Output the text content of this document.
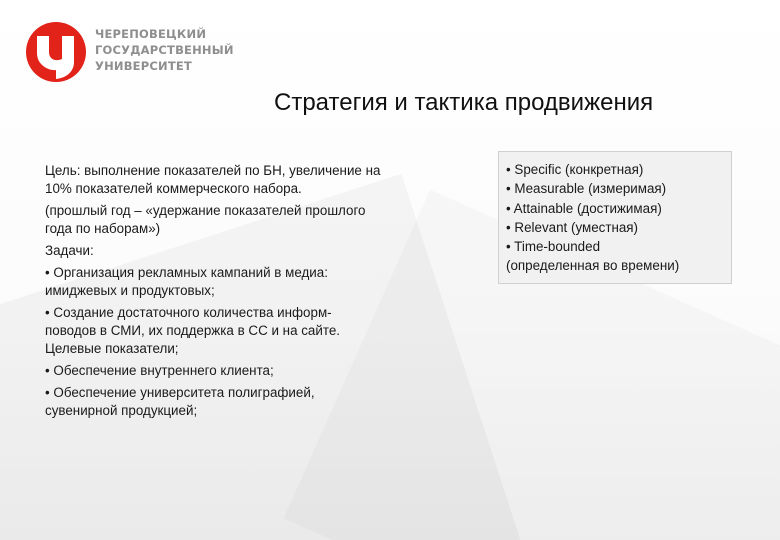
ЧЕРЕПОВЕЦКИЙ
ГОСУДАРСТВЕННЫЙ
УНИВЕРСИТЕТ
Стратегия и тактика продвижения
Цель: выполнение показателей по БН, увеличение на
10% показателей коммерческого набора.
(прошлый год – «удержание показателей прошлого
года по наборам»)
Задачи:
• Организация рекламных кампаний в медиа:
имиджевых и продуктовых;
• Создание достаточного количества информ-
поводов в СМИ, их поддержка в СС и на сайте.
Целевые показатели;
• Обеспечение внутреннего клиента;
• Обеспечение университета полиграфией,
сувенирной продукцией;
• Specific (конкретная)
• Measurable (измеримая)
• Attainable (достижимая)
• Relevant (уместная)
• Time-bounded
(определенная во времени)
